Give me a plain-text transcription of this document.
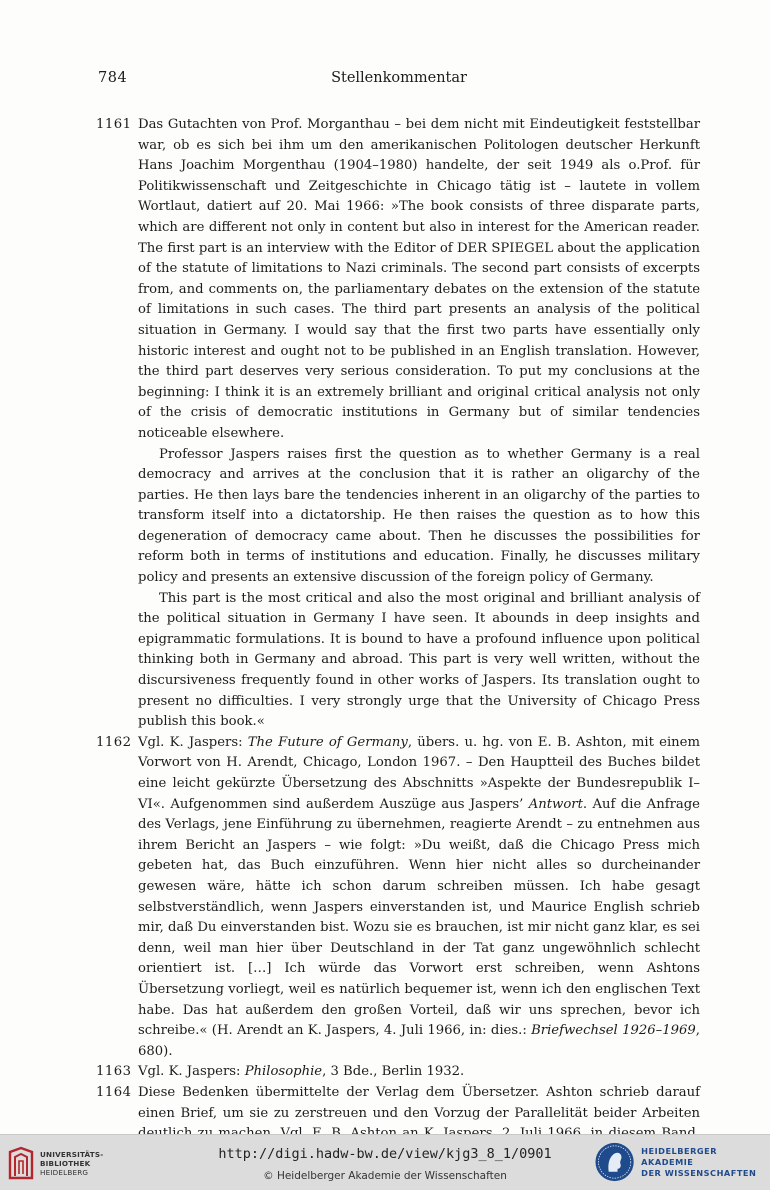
784	Stellenkommentar
1161 Das Gutachten von Prof. Morganthau – bei dem nicht mit Eindeutigkeit feststellbar war, ob es sich bei ihm um den amerikanischen Politologen deutscher Herkunft Hans Joachim Morgenthau (1904–1980) handelte, der seit 1949 als o.Prof. für Politikwissenschaft und Zeitgeschichte in Chicago tätig ist – lautete in vollem Wortlaut, datiert auf 20. Mai 1966: »The book consists of three disparate parts, which are different not only in content but also in interest for the American reader. The first part is an interview with the Editor of DER SPIEGEL about the application of the statute of limitations to Nazi criminals. The second part consists of excerpts from, and comments on, the parliamentary debates on the extension of the statute of limitations in such cases. The third part presents an analysis of the political situation in Germany. I would say that the first two parts have essentially only historic interest and ought not to be published in an English translation. However, the third part deserves very serious consideration. To put my conclusions at the beginning: I think it is an extremely brilliant and original critical analysis not only of the crisis of democratic institutions in Germany but of similar tendencies noticeable elsewhere.

Professor Jaspers raises first the question as to whether Germany is a real democracy and arrives at the conclusion that it is rather an oligarchy of the parties. He then lays bare the tendencies inherent in an oligarchy of the parties to transform itself into a dictatorship. He then raises the question as to how this degeneration of democracy came about. Then he discusses the possibilities for reform both in terms of institutions and education. Finally, he discusses military policy and presents an extensive discussion of the foreign policy of Germany.

This part is the most critical and also the most original and brilliant analysis of the political situation in Germany I have seen. It abounds in deep insights and epigrammatic formulations. It is bound to have a profound influence upon political thinking both in Germany and abroad. This part is very well written, without the discursiveness frequently found in other works of Jaspers. Its translation ought to present no difficulties. I very strongly urge that the University of Chicago Press publish this book.«

1162 Vgl. K. Jaspers: The Future of Germany, übers. u. hg. von E. B. Ashton, mit einem Vorwort von H. Arendt, Chicago, London 1967. – Den Hauptteil des Buches bildet eine leicht gekürzte Übersetzung des Abschnitts »Aspekte der Bundesrepublik I–VI«. Aufgenommen sind außerdem Auszüge aus Jaspers’ Antwort. Auf die Anfrage des Verlags, jene Einführung zu übernehmen, reagierte Arendt – zu entnehmen aus ihrem Bericht an Jaspers – wie folgt: »Du weißt, daß die Chicago Press mich gebeten hat, das Buch einzuführen. Wenn hier nicht alles so durcheinander gewesen wäre, hätte ich schon darum schreiben müssen. Ich habe gesagt selbstverständlich, wenn Jaspers einverstanden ist, und Maurice English schrieb mir, daß Du einverstanden bist. Wozu sie es brauchen, ist mir nicht ganz klar, es sei denn, weil man hier über Deutschland in der Tat ganz ungewöhnlich schlecht orientiert ist. […] Ich würde das Vorwort erst schreiben, wenn Ashtons Übersetzung vorliegt, weil es natürlich bequemer ist, wenn ich den englischen Text habe. Das hat außerdem den großen Vorteil, daß wir uns sprechen, bevor ich schreibe.« (H. Arendt an K. Jaspers, 4. Juli 1966, in: dies.: Briefwechsel 1926–1969, 680).

1163 Vgl. K. Jaspers: Philosophie, 3 Bde., Berlin 1932.

1164 Diese Bedenken übermittelte der Verlag dem Übersetzer. Ashton schrieb darauf einen Brief, um sie zu zerstreuen und den Vorzug der Parallelität beider Arbeiten

UNIVERSITÄTS-
BIBLIOTHEK
HEIDELBERG
http://digi.hadw-bw.de/view/kjg3_8_1/0901
© Heidelberger Akademie der Wissenschaften
HEIDELBERGER AKADEMIE
DER WISSENSCHAFTEN
